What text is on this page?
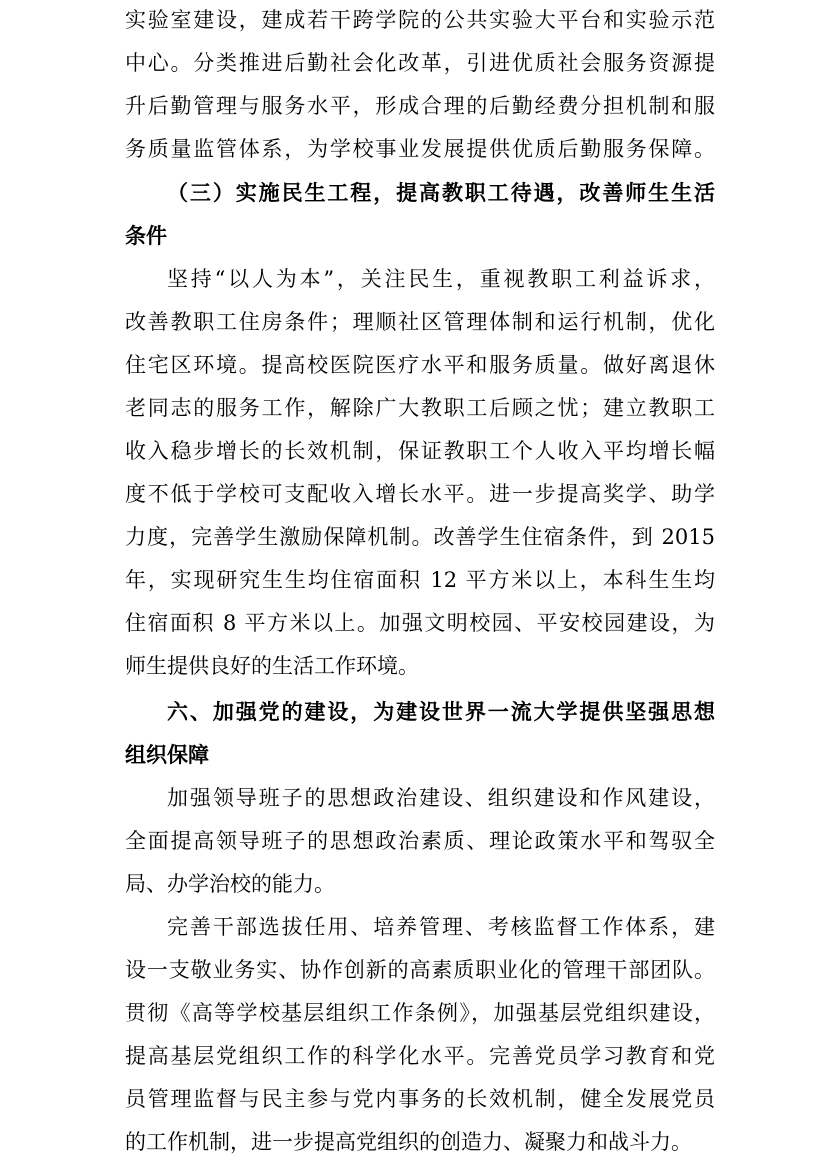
实验室建设，建成若干跨学院的公共实验大平台和实验示范
中心。分类推进后勤社会化改革，引进优质社会服务资源提
升后勤管理与服务水平，形成合理的后勤经费分担机制和服
务质量监管体系，为学校事业发展提供优质后勤服务保障。
（三）实施民生工程，提高教职工待遇，改善师生生活
条件
坚持“以人为本”，关注民生，重视教职工利益诉求，
改善教职工住房条件；理顺社区管理体制和运行机制，优化
住宅区环境。提高校医院医疗水平和服务质量。做好离退休
老同志的服务工作，解除广大教职工后顾之忧；建立教职工
收入稳步增长的长效机制，保证教职工个人收入平均增长幅
度不低于学校可支配收入增长水平。进一步提高奖学、助学
力度，完善学生激励保障机制。改善学生住宿条件，到 2015
年，实现研究生生均住宿面积 12 平方米以上，本科生生均
住宿面积 8 平方米以上。加强文明校园、平安校园建设，为
师生提供良好的生活工作环境。
六、加强党的建设，为建设世界一流大学提供坚强思想
组织保障
加强领导班子的思想政治建设、组织建设和作风建设，
全面提高领导班子的思想政治素质、理论政策水平和驾驭全
局、办学治校的能力。
完善干部选拔任用、培养管理、考核监督工作体系，建
设一支敬业务实、协作创新的高素质职业化的管理干部团队。
贯彻《高等学校基层组织工作条例》，加强基层党组织建设，
提高基层党组织工作的科学化水平。完善党员学习教育和党
员管理监督与民主参与党内事务的长效机制，健全发展党员
的工作机制，进一步提高党组织的创造力、凝聚力和战斗力。
